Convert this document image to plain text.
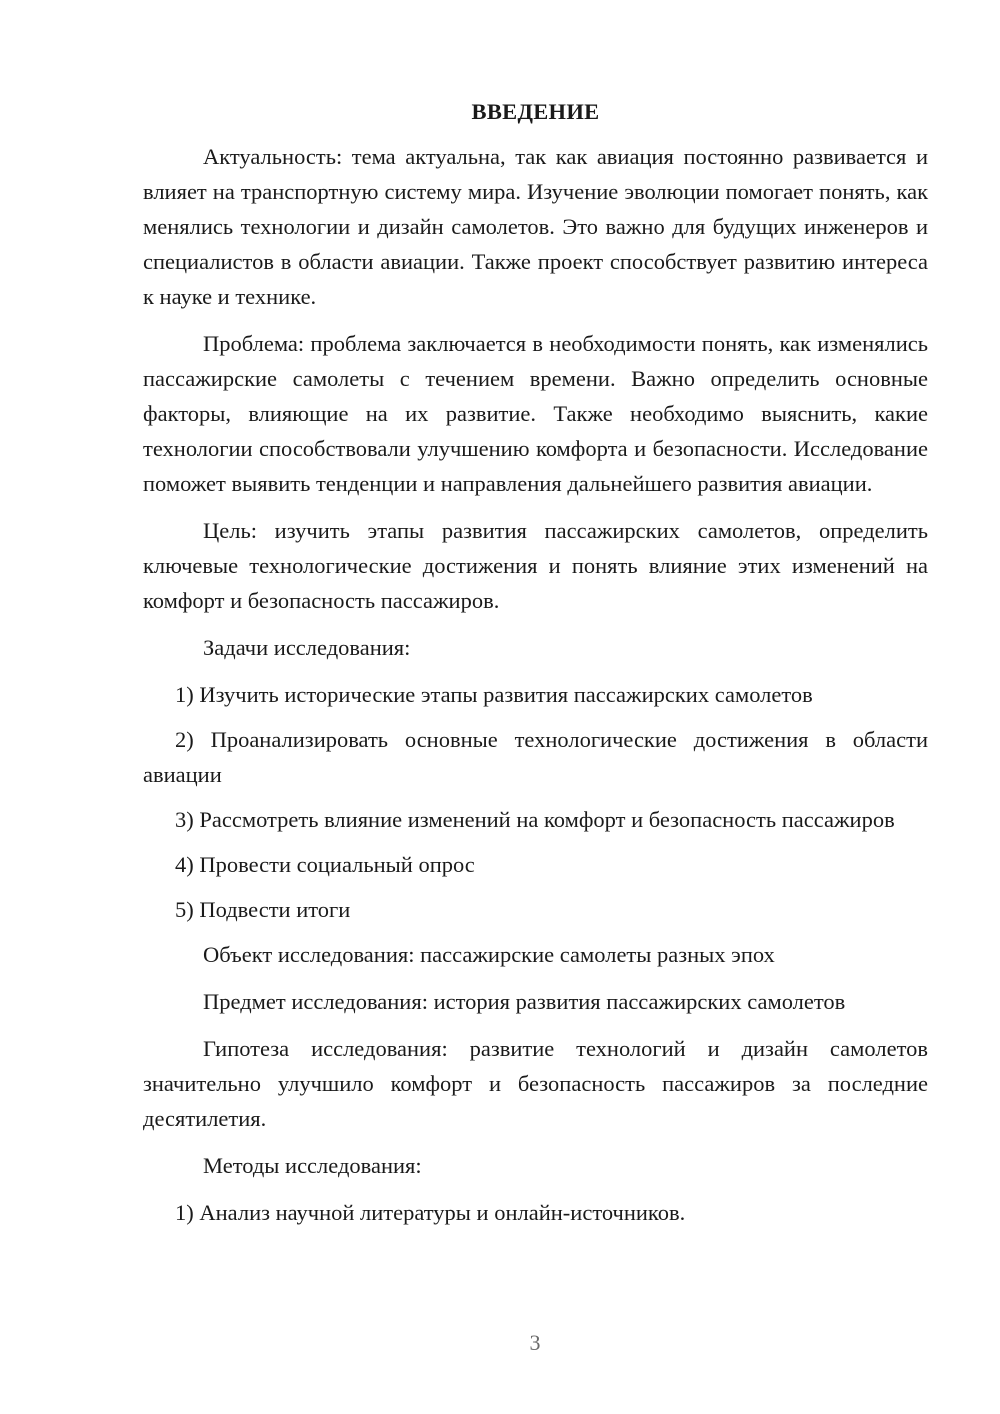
ВВЕДЕНИЕ

Актуальность: тема актуальна, так как авиация постоянно развивается и влияет на транспортную систему мира. Изучение эволюции помогает понять, как менялись технологии и дизайн самолетов. Это важно для будущих инженеров и специалистов в области авиации. Также проект способствует развитию интереса к науке и технике.

Проблема: проблема заключается в необходимости понять, как изменялись пассажирские самолеты с течением времени. Важно определить основные факторы, влияющие на их развитие. Также необходимо выяснить, какие технологии способствовали улучшению комфорта и безопасности. Исследование поможет выявить тенденции и направления дальнейшего развития авиации.

Цель: изучить этапы развития пассажирских самолетов, определить ключевые технологические достижения и понять влияние этих изменений на комфорт и безопасность пассажиров.

Задачи исследования:

1) Изучить исторические этапы развития пассажирских самолетов

2) Проанализировать основные технологические достижения в области авиации

3) Рассмотреть влияние изменений на комфорт и безопасность пассажиров

4) Провести социальный опрос

5) Подвести итоги

Объект исследования: пассажирские самолеты разных эпох

Предмет исследования: история развития пассажирских самолетов

Гипотеза исследования: развитие технологий и дизайн самолетов значительно улучшило комфорт и безопасность пассажиров за последние десятилетия.

Методы исследования:

1) Анализ научной литературы и онлайн-источников.

3
